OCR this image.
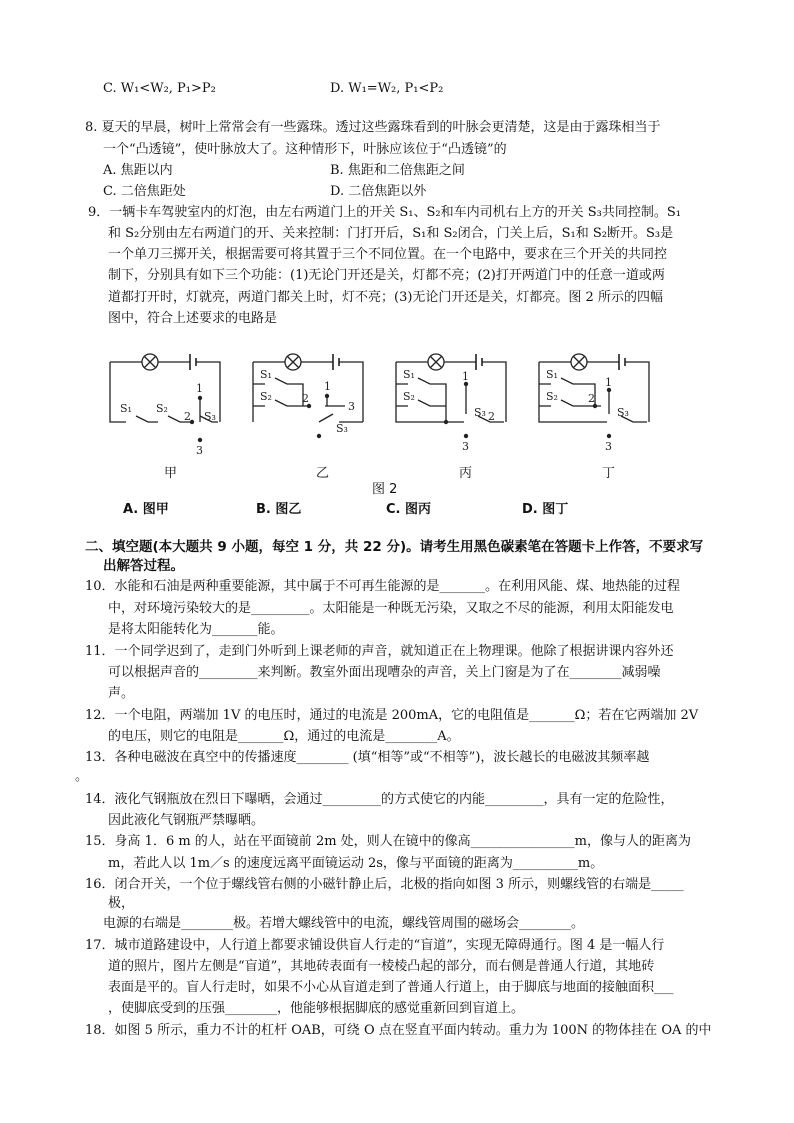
C. W₁<W₂, P₁>P₂	D. W₁=W₂, P₁<P₂
8. 夏天的早晨，树叶上常常会有一些露珠。透过这些露珠看到的叶脉会更清楚，这是由于露珠相当于
一个“凸透镜”，使叶脉放大了。这种情形下，叶脉应该位于“凸透镜”的
A. 焦距以内	B. 焦距和二倍焦距之间
C. 二倍焦距处	D. 二倍焦距以外
9．一辆卡车驾驶室内的灯泡，由左右两道门上的开关 S₁、S₂和车内司机右上方的开关 S₃共同控制。S₁
和 S₂分别由左右两道门的开、关来控制：门打开后，S₁和 S₂闭合，门关上后，S₁和 S₂断开。S₃是
一个单刀三掷开关，根据需要可将其置于三个不同位置。在一个电路中，要求在三个开关的共同控
制下，分别具有如下三个功能：(1)无论门开还是关，灯都不亮；(2)打开两道门中的任意一道或两
道都打开时，灯就亮，两道门都关上时，灯不亮；(3)无论门开还是关，灯都亮。图 2 所示的四幅
图中，符合上述要求的电路是
S₁ S₂
S₃
1
2
3
S₁
S₂
S₃
1
2
3
S₁
S₂
S₃
1
2
3
S₁
S₂
S₃
1
2
3
甲	乙	丙	丁
图 2
A. 图甲	B. 图乙	C. 图丙	D. 图丁
二、填空题(本大题共 9 小题，每空 1 分，共 22 分)。请考生用黑色碳素笔在答题卡上作答，不要求写
出解答过程。
10．水能和石油是两种重要能源，其中属于不可再生能源的是_______。在利用风能、煤、地热能的过程
中，对环境污染较大的是_________。太阳能是一种既无污染，又取之不尽的能源，利用太阳能发电
是将太阳能转化为_______能。
11．一个同学迟到了，走到门外听到上课老师的声音，就知道正在上物理课。他除了根据讲课内容外还
可以根据声音的_________来判断。教室外面出现嘈杂的声音，关上门窗是为了在________减弱噪
声。
12．一个电阻，两端加 1V 的电压时，通过的电流是 200mA，它的电阻值是_______Ω；若在它两端加 2V
的电压，则它的电阻是_______Ω，通过的电流是________A。
13．各种电磁波在真空中的传播速度________ (填“相等”或“不相等”)，波长越长的电磁波其频率越
。
14．液化气钢瓶放在烈日下曝晒，会通过_________的方式使它的内能_________，具有一定的危险性，
因此液化气钢瓶严禁曝晒。
15．身高 1．6 m 的人，站在平面镜前 2m 处，则人在镜中的像高________________m，像与人的距离为
m，若此人以 1m／s 的速度远离平面镜运动 2s，像与平面镜的距离为__________m。
16．闭合开关，一个位于螺线管右侧的小磁针静止后，北极的指向如图 3 所示，则螺线管的右端是_____
极，
电源的右端是________极。若增大螺线管中的电流，螺线管周围的磁场会________。
17．城市道路建设中，人行道上都要求铺设供盲人行走的“盲道”，实现无障碍通行。图 4 是一幅人行
道的照片，图片左侧是“盲道”，其地砖表面有一棱棱凸起的部分，而右侧是普通人行道，其地砖
表面是平的。盲人行走时，如果不小心从盲道走到了普通人行道上，由于脚底与地面的接触面积___
，使脚底受到的压强________，他能够根据脚底的感觉重新回到盲道上。
18．如图 5 所示，重力不计的杠杆 OAB，可绕 O 点在竖直平面内转动。重力为 100N 的物体挂在 OA 的中
